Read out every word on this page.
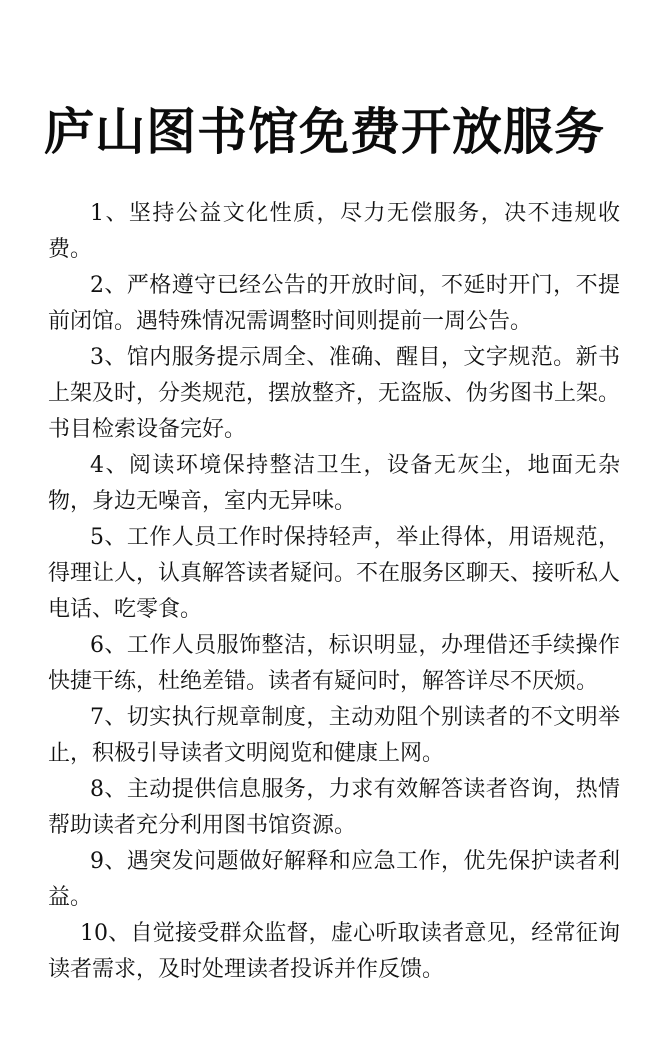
庐山图书馆免费开放服务

1、坚持公益文化性质，尽力无偿服务，决不违规收费。

2、严格遵守已经公告的开放时间，不延时开门，不提前闭馆。遇特殊情况需调整时间则提前一周公告。

3、馆内服务提示周全、准确、醒目，文字规范。新书上架及时，分类规范，摆放整齐，无盗版、伪劣图书上架。书目检索设备完好。

4、阅读环境保持整洁卫生，设备无灰尘，地面无杂物，身边无噪音，室内无异味。

5、工作人员工作时保持轻声，举止得体，用语规范，得理让人，认真解答读者疑问。不在服务区聊天、接听私人电话、吃零食。

6、工作人员服饰整洁，标识明显，办理借还手续操作快捷干练，杜绝差错。读者有疑问时，解答详尽不厌烦。

7、切实执行规章制度，主动劝阻个别读者的不文明举止，积极引导读者文明阅览和健康上网。

8、主动提供信息服务，力求有效解答读者咨询，热情帮助读者充分利用图书馆资源。

9、遇突发问题做好解释和应急工作，优先保护读者利益。

10、自觉接受群众监督，虚心听取读者意见，经常征询读者需求，及时处理读者投诉并作反馈。
